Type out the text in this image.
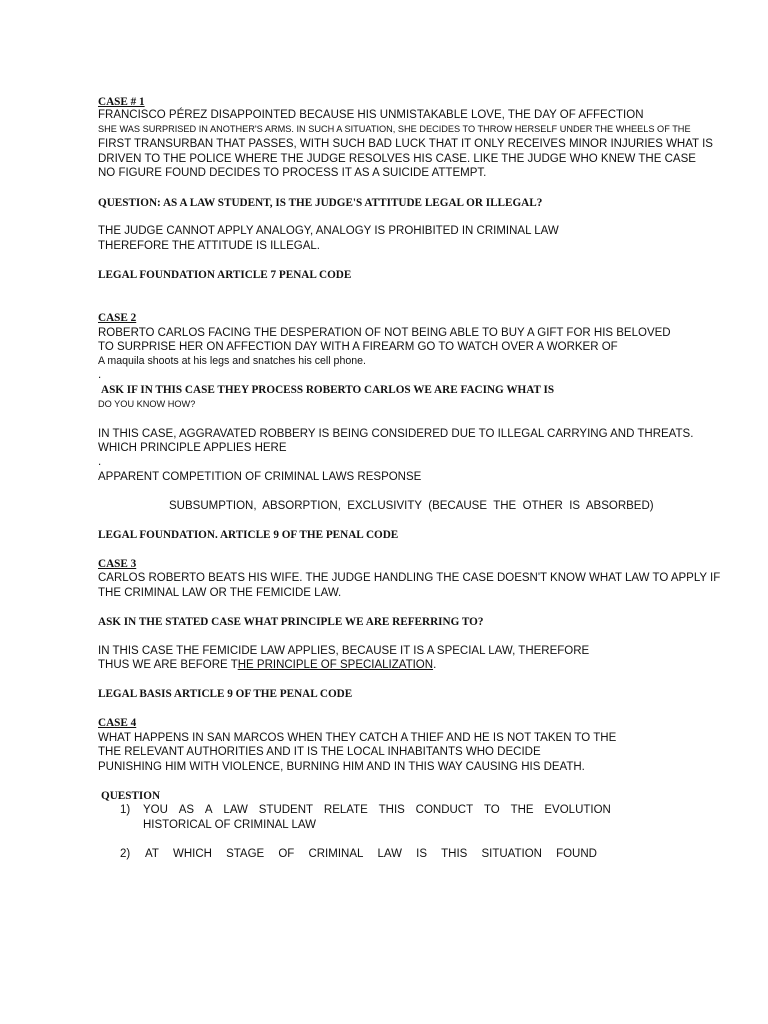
CASE # 1
FRANCISCO PÉREZ DISAPPOINTED BECAUSE HIS UNMISTAKABLE LOVE, THE DAY OF AFFECTION
SHE WAS SURPRISED IN ANOTHER'S ARMS. IN SUCH A SITUATION, SHE DECIDES TO THROW HERSELF UNDER THE WHEELS OF THE
FIRST TRANSURBAN THAT PASSES, WITH SUCH BAD LUCK THAT IT ONLY RECEIVES MINOR INJURIES WHAT IS
DRIVEN TO THE POLICE WHERE THE JUDGE RESOLVES HIS CASE. LIKE THE JUDGE WHO KNEW THE CASE
NO FIGURE FOUND DECIDES TO PROCESS IT AS A SUICIDE ATTEMPT.
QUESTION: AS A LAW STUDENT, IS THE JUDGE'S ATTITUDE LEGAL OR ILLEGAL?
THE JUDGE CANNOT APPLY ANALOGY, ANALOGY IS PROHIBITED IN CRIMINAL LAW
THEREFORE THE ATTITUDE IS ILLEGAL.
LEGAL FOUNDATION ARTICLE 7 PENAL CODE
CASE 2
ROBERTO CARLOS FACING THE DESPERATION OF NOT BEING ABLE TO BUY A GIFT FOR HIS BELOVED
TO SURPRISE HER ON AFFECTION DAY WITH A FIREARM GO TO WATCH OVER A WORKER OF
A maquila shoots at his legs and snatches his cell phone.
.
ASK IF IN THIS CASE THEY PROCESS ROBERTO CARLOS WE ARE FACING WHAT IS
DO YOU KNOW HOW?
IN THIS CASE, AGGRAVATED ROBBERY IS BEING CONSIDERED DUE TO ILLEGAL CARRYING AND THREATS.
WHICH PRINCIPLE APPLIES HERE
.
APPARENT COMPETITION OF CRIMINAL LAWS RESPONSE
SUBSUMPTION,  ABSORPTION,  EXCLUSIVITY  (BECAUSE  THE  OTHER  IS  ABSORBED)
LEGAL FOUNDATION. ARTICLE 9 OF THE PENAL CODE
CASE 3
CARLOS ROBERTO BEATS HIS WIFE. THE JUDGE HANDLING THE CASE DOESN'T KNOW WHAT LAW TO APPLY IF
THE CRIMINAL LAW OR THE FEMICIDE LAW.
ASK IN THE STATED CASE WHAT PRINCIPLE WE ARE REFERRING TO?
IN THIS CASE THE FEMICIDE LAW APPLIES, BECAUSE IT IS A SPECIAL LAW, THEREFORE
THUS WE ARE BEFORE THE PRINCIPLE OF SPECIALIZATION.
LEGAL BASIS ARTICLE 9 OF THE PENAL CODE
CASE 4
WHAT HAPPENS IN SAN MARCOS WHEN THEY CATCH A THIEF AND HE IS NOT TAKEN TO THE
THE RELEVANT AUTHORITIES AND IT IS THE LOCAL INHABITANTS WHO DECIDE
PUNISHING HIM WITH VIOLENCE, BURNING HIM AND IN THIS WAY CAUSING HIS DEATH.
QUESTION
1) YOU AS A LAW STUDENT RELATE THIS CONDUCT TO THE EVOLUTION
HISTORICAL OF CRIMINAL LAW
2) AT WHICH STAGE OF CRIMINAL LAW IS THIS SITUATION FOUND
